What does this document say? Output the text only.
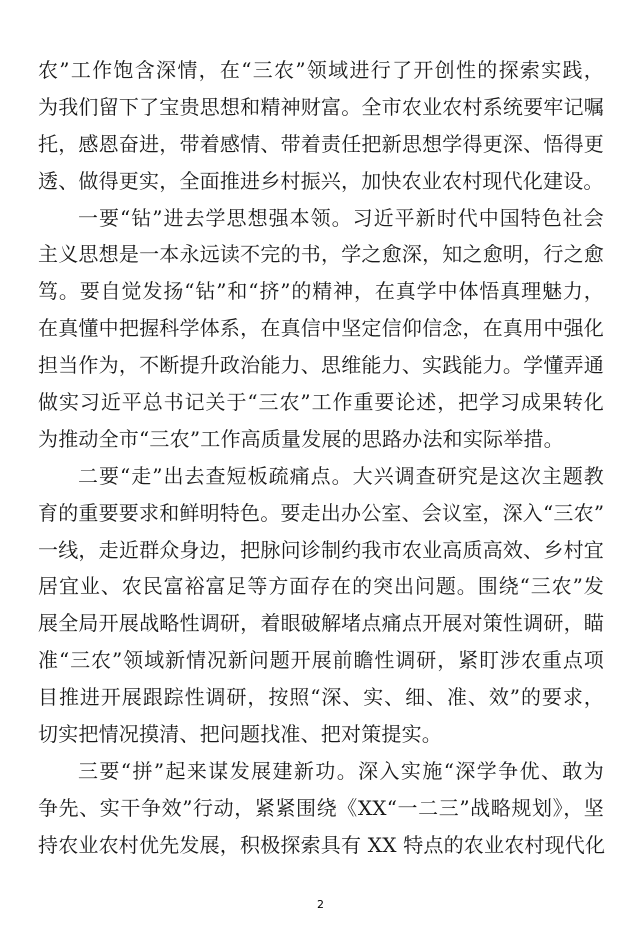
农”工作饱含深情，在“三农”领域进行了开创性的探索实践，
为我们留下了宝贵思想和精神财富。全市农业农村系统要牢记嘱
托，感恩奋进，带着感情、带着责任把新思想学得更深、悟得更
透、做得更实，全面推进乡村振兴，加快农业农村现代化建设。
一要“钻”进去学思想强本领。习近平新时代中国特色社会
主义思想是一本永远读不完的书，学之愈深，知之愈明，行之愈
笃。要自觉发扬“钻”和“挤”的精神，在真学中体悟真理魅力，
在真懂中把握科学体系，在真信中坚定信仰信念，在真用中强化
担当作为，不断提升政治能力、思维能力、实践能力。学懂弄通
做实习近平总书记关于“三农”工作重要论述，把学习成果转化
为推动全市“三农”工作高质量发展的思路办法和实际举措。
二要“走”出去查短板疏痛点。大兴调查研究是这次主题教
育的重要要求和鲜明特色。要走出办公室、会议室，深入“三农”
一线，走近群众身边，把脉问诊制约我市农业高质高效、乡村宜
居宜业、农民富裕富足等方面存在的突出问题。围绕“三农”发
展全局开展战略性调研，着眼破解堵点痛点开展对策性调研，瞄
准“三农”领域新情况新问题开展前瞻性调研，紧盯涉农重点项
目推进开展跟踪性调研，按照“深、实、细、准、效”的要求，
切实把情况摸清、把问题找准、把对策提实。
三要“拼”起来谋发展建新功。深入实施“深学争优、敢为
争先、实干争效”行动，紧紧围绕《XX“一二三”战略规划》，坚
持农业农村优先发展，积极探索具有 XX 特点的农业农村现代化
2
